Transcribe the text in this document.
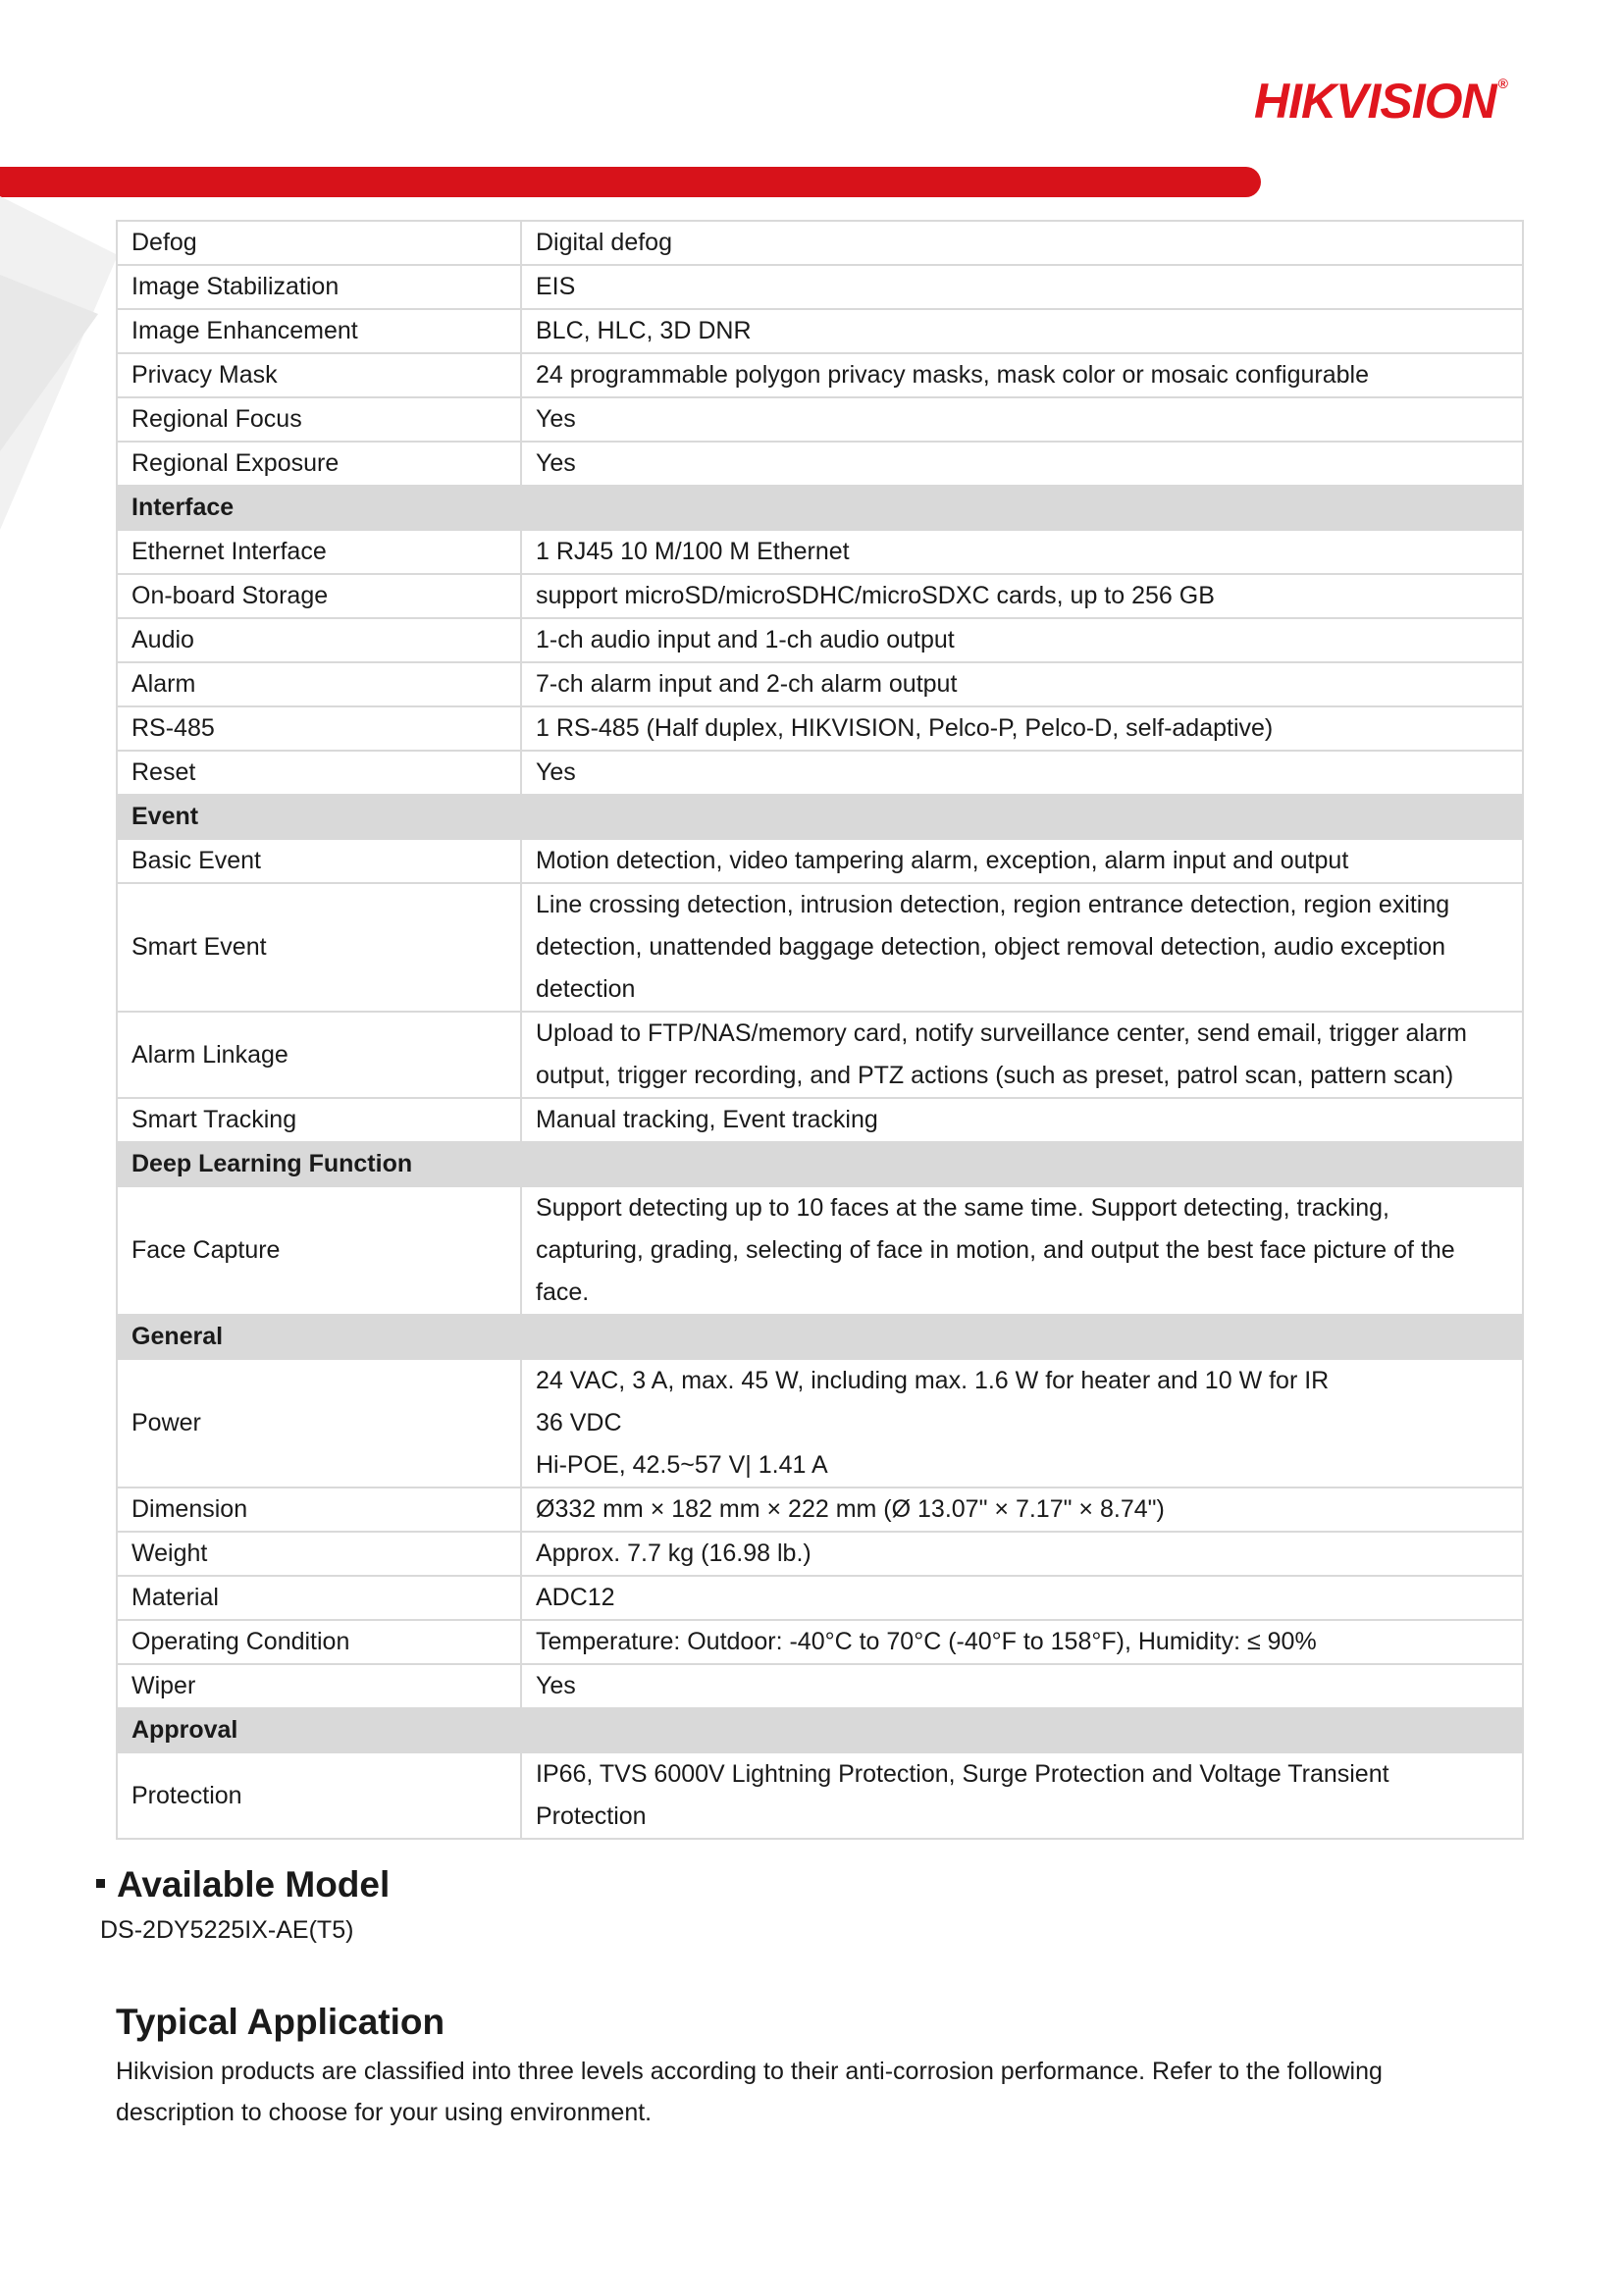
HIKVISION ®
Defog	Digital defog

Image Stabilization	EIS

Image Enhancement	BLC, HLC, 3D DNR

Privacy Mask	24 programmable polygon privacy masks, mask color or mosaic configurable

Regional Focus	Yes

Regional Exposure	Yes

Interface	
Ethernet Interface	1 RJ45 10 M/100 M Ethernet

On-board Storage	support microSD/microSDHC/microSDXC cards, up to 256 GB

Audio	1-ch audio input and 1-ch audio output

Alarm	7-ch alarm input and 2-ch alarm output

RS-485	1 RS-485 (Half duplex, HIKVISION, Pelco-P, Pelco-D, self-adaptive)

Reset	Yes

Event	
Basic Event	Motion detection, video tampering alarm, exception, alarm input and output

Smart Event	Line crossing detection, intrusion detection, region entrance detection, region exiting
detection, unattended baggage detection, object removal detection, audio exception
detection

Alarm Linkage	Upload to FTP/NAS/memory card, notify surveillance center, send email, trigger alarm
output, trigger recording, and PTZ actions (such as preset, patrol scan, pattern scan)

Smart Tracking	Manual tracking, Event tracking

Deep Learning Function	
Face Capture	Support detecting up to 10 faces at the same time. Support detecting, tracking,
capturing, grading, selecting of face in motion, and output the best face picture of the
face.

General	
Power	24 VAC, 3 A, max. 45 W, including max. 1.6 W for heater and 10 W for IR
36 VDC
Hi-POE, 42.5~57 V| 1.41 A

Dimension	Ø332 mm × 182 mm × 222 mm (Ø 13.07" × 7.17" × 8.74")

Weight	Approx. 7.7 kg (16.98 lb.)

Material	ADC12

Operating Condition	Temperature: Outdoor: -40°C to 70°C (-40°F to 158°F), Humidity: ≤ 90%

Wiper	Yes

Approval	
Protection	IP66, TVS 6000V Lightning Protection, Surge Protection and Voltage Transient
Protection
Available Model
DS-2DY5225IX-AE(T5)
Typical Application
Hikvision products are classified into three levels according to their anti-corrosion performance. Refer to the following
description to choose for your using environment.
